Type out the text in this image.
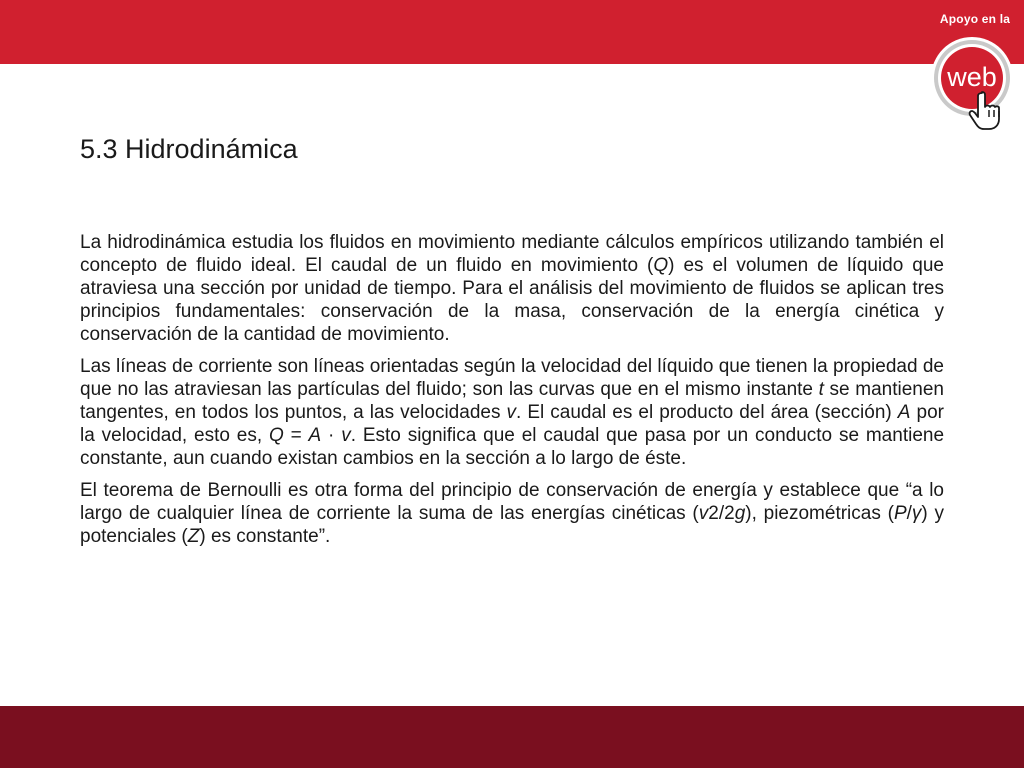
Apoyo en la
web
5.3 Hidrodinámica

La hidrodinámica estudia los fluidos en movimiento mediante cálculos empíricos utilizando también el concepto de fluido ideal. El caudal de un fluido en movimiento (Q) es el volumen de líquido que atraviesa una sección por unidad de tiempo. Para el análisis del movimiento de fluidos se aplican tres principios fundamentales: conservación de la masa, conservación de la energía cinética y conservación de la cantidad de movimiento.

Las líneas de corriente son líneas orientadas según la velocidad del líquido que tienen la propiedad de que no las atraviesan las partículas del fluido; son las curvas que en el mismo instante t se mantienen tangentes, en todos los puntos, a las velocidades v. El caudal es el producto del área (sección) A por la velocidad, esto es, Q = A · v. Esto significa que el caudal que pasa por un conducto se mantiene constante, aun cuando existan cambios en la sección a lo largo de éste.

El teorema de Bernoulli es otra forma del principio de conservación de energía y establece que “a lo largo de cualquier línea de corriente la suma de las energías cinéticas (v2/2g), piezométricas (P/γ) y potenciales (Z) es constante”.
